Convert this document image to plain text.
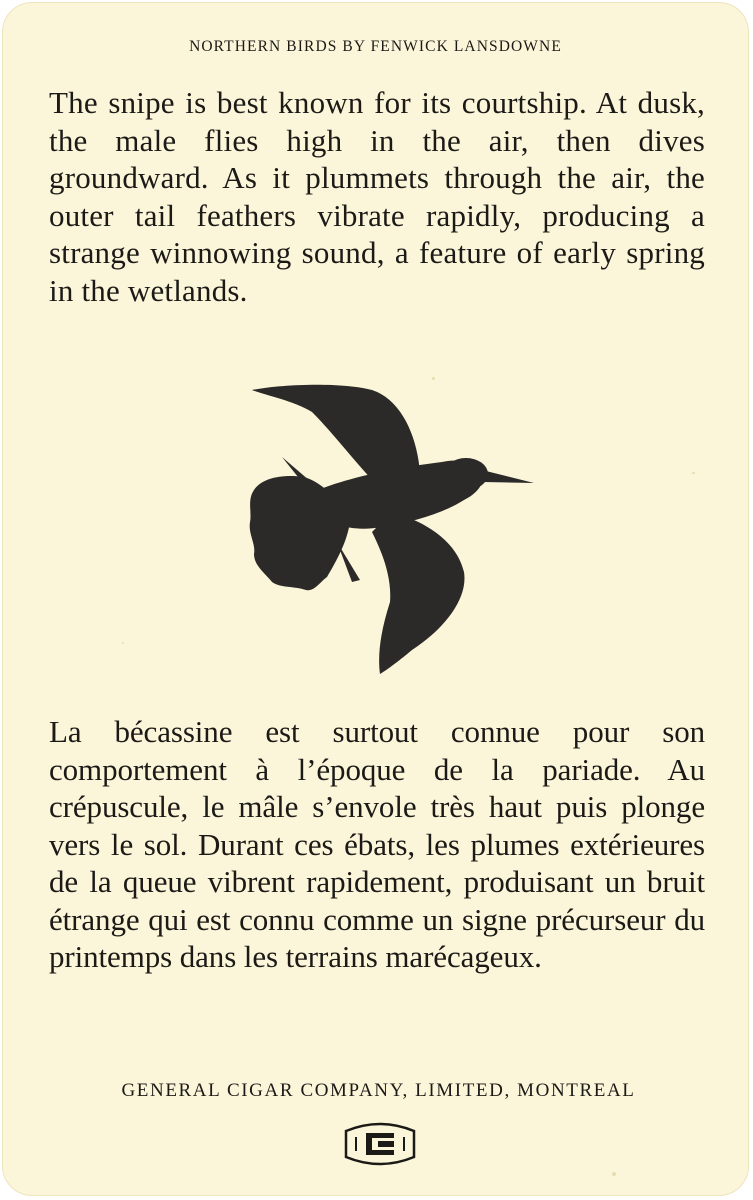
NORTHERN BIRDS BY FENWICK LANSDOWNE

The snipe is best known for its courtship. At dusk, the male flies high in the air, then dives groundward. As it plummets through the air, the outer tail feathers vibrate rapidly, producing a strange winnowing sound, a feature of early spring in the wetlands.

La bécassine est surtout connue pour son comportement à l’époque de la pariade. Au crépuscule, le mâle s’envole très haut puis plonge vers le sol. Durant ces ébats, les plumes extérieures de la queue vibrent rapidement, produisant un bruit étrange qui est connu comme un signe précurseur du printemps dans les terrains marécageux.

GENERAL CIGAR COMPANY, LIMITED, MONTREAL
